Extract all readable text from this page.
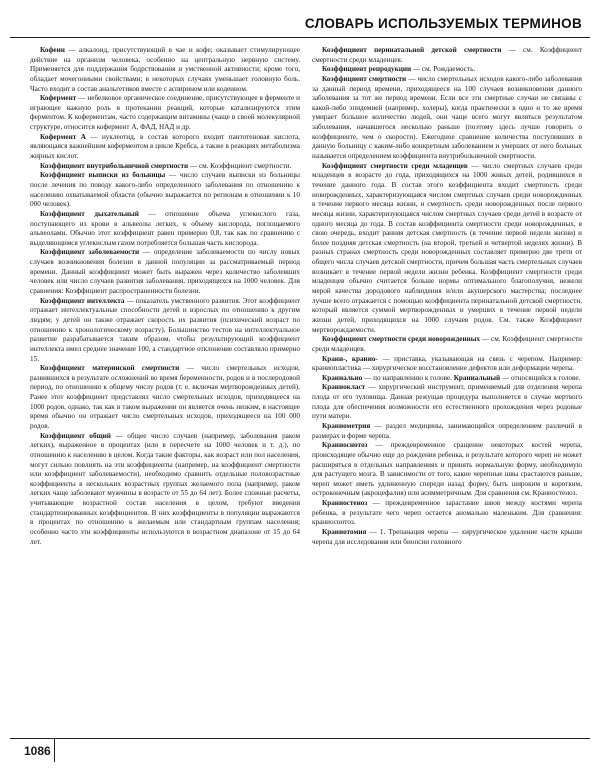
СЛОВАРЬ ИСПОЛЬЗУЕМЫХ ТЕРМИНОВ

Кофеин — алкалоид, присутствующий в чае и кофе; оказывает стимулирующее действие на организм человека, особенно на центральную нервную систему. Применяется для поддержания бодрствования и умственной активности; кроме того, обладает мочегонными свойствами; в некоторых случаях уменьшает головную боль. Часто входит в состав анальгетиков вместе с аспирином или кодеином.

Кофермент — небелковое органическое соединение, присутствующее в ферменте и играющее важную роль в протекании реакций, которые катализируются этим ферментом. К коферментам, часто содержащим витамины (чаще в своей молекулярной структуре, относится кофермент А, ФАД, НАД и др.

Кофермент А — нуклеотид, в состав которого входит пантотеновая кислота, являющаяся важнейшим коферментом в цикле Кребса, а также в реакциях метаболизма жирных кислот.

Коэффициент внутрибольничной смертности — см. Коэффициент смертности.

Коэффициент выписки из больницы — число случаев выписки из больницы после лечения по поводу какого-либо определенного заболевания по отношению к населению охватываемой области (обычно выражается по регионам в отношении к 10 000 человек).

Коэффициент дыхательный — отношение объема углекислого газа, поступающего из крови в альвеолы легких, к объему кислорода, поглощаемого альвеолами. Обычно этот коэффициент равен примерно 0,8, так как по сравнению с выделяющимся углекислым газом потребляется большая часть кислорода.

Коэффициент заболеваемости — определение заболеваемости по числу новых случаев возникновения болезни в данной популяции за рассматриваемый период времени. Данный коэффициент может быть выражен через количество заболевших человек или число случаев развития заболевания, приходящихся на 1000 человек. Для сравнения: Коэффициент распространенности болезни.

Коэффициент интеллекта — показатель умственного развития. Этот коэффициент отражает интеллектуальные способности детей и взрослых по отношению к другим людям; у детей он также отражает скорость их развития (психический возраст по отношению к хронологическому возрасту). Большинство тестов на интеллектуальное развитие разрабатывается таким образом, чтобы результирующий коэффициент интеллекта имел среднее значение 100, а стандартное отклонение составляло примерно 15.

Коэффициент материнской смертности — число смертельных исходов, развившихся в результате осложнений во время беременности, родов и в послеродовой период, по отношению к общему числу родов (т. е. включая мертворожденных детей). Ранее этот коэффициент представлял число смертельных исходов, приходящееся на 1000 родов, однако, так как в таком выражении он является очень низким, в настоящее время обычно он отражает число смертельных исходов, приходящееся на 100 000 родов.

Коэффициент общий — общее число случаев (например, заболевания раком легких), выраженное в процентах (или в пересчете на 1000 человек и т. д.), по отношению к населению в целом. Когда такие факторы, как возраст или пол населения, могут сильно повлиять на эти коэффициенты (например, на коэффициент смертности или коэффициент заболеваемости), необходимо сравнить отдельные половозрастные коэффициенты в нескольких возрастных группах желаемого пола (например, раком легких чаще заболевают мужчины в возрасте от 55 до 64 лет). Более сложные расчеты, учитывающие возрастной состав населения в целом, требуют введения стандартизированных коэффициентов. В них коэффициенты в популяции выражаются в процентах по отношению к желаемым или стандартным группам населения; особенно часто эти коэффициенты используются в возрастном диапазоне от 15 до 64 лет.

Коэффициент перинатальной детской смертности — см. Коэффициент смертности среди младенцев.

Коэффициент репродукции — см. Рождаемость.

Коэффициент смертности — число смертельных исходов какого-либо заболевания за данный период времени, приходящееся на 100 случаев возникновения данного заболевания за тот же период времени. Если все эти смертные случаи не связаны с какой-либо эпидемией (например, холеры), когда практически в одно и то же время умирает большое количество людей, они чаще всего могут являться результатом заболевания, начавшегося несколько раньше (поэтому здесь лучше говорить о коэффициенте, чем о скорости). Ежегодное сравнение количества поступивших в данную больницу с каким-либо конкретным заболеванием и умерших от него больных называется определением коэффициента внутрибольничной смертности.

Коэффициент смертности среди младенцев — число смертных случаев среди младенцев в возрасте до года, приходящихся на 1000 живых детей, родившихся в течение данного года. В состав этого коэффициента входит смертность среди новорожденных, характеризующаяся числом смертных случаев среди новорожденных в течение первого месяца жизни, и смертность среди новорожденных после первого месяца жизни, характеризующаяся числом смертных случаев среди детей в возрасте от одного месяца до года. В состав коэффициента смертности среди новорожденных, в свою очередь, входит ранняя детская смертность (в течение первой недели жизни) и более поздняя детская смертность (на второй, третьей и четвертой неделях жизни). В разных странах смертность среди новорожденных составляет примерно две трети от общего числа случаев детской смертности, причем большая часть смертельных случаев возникает в течение первой недели жизни ребенка. Коэффициент смертности среди младенцев обычно считается больше нормы оптимального благополучия, нежели мерой качества дородового наблюдения и/или акушерского мастерства; последнее лучше всего отражается с помощью коэффициента перинатальной детской смертности, который является суммой мертворожденных и умерших в течение первой недели жизни детей, приходящихся на 1000 случаев родов. См. также Коэффициент мертворождаемости.

Коэффициент смертности среди новорожденных — см. Коэффициент смертности среди младенцев.

Крани-, кранио- — приставка, указывающая на связь с черепом. Например: краниопластика — хирургическое восстановление дефектов или деформации черепа.

Краниально — по направлению к голове. Краниальный — относящийся к голове.

Краниокласт — хирургический инструмент, применяемый для отделения черепа плода от его туловища. Данная режущая процедура выполняется в случае мертвого плода для обеспечения возможности его естественного прохождения через родовые пути матери.

Краниометрия — раздел медицины, занимающийся определением различий в размерах и форме черепа.

Краниоснотоз — преждевременное сращение некоторых костей черепа, происходящее обычно еще до рождения ребенка, в результате которого череп не может расширяться в отдельных направлениях и принять нормальную форму, необходимую для растущего мозга. В зависимости от того, какие черепные швы срастаются раньше, череп может иметь удлиненную спереди назад форму, быть широким и коротким, остроконечным (акроцефалия) или асимметричным. Для сравнения см. Краниостеноз.

Краниостеноз — преждевременное зарастание швов между костями черепа ребенка, в результате чего череп остается аномально маленьким. Для сравнения: краниоснотоз.

Краниотомия — 1. Трепанация черепа — хирургическое удаление части крыши черепа для исследования или биопсии головного

1086
